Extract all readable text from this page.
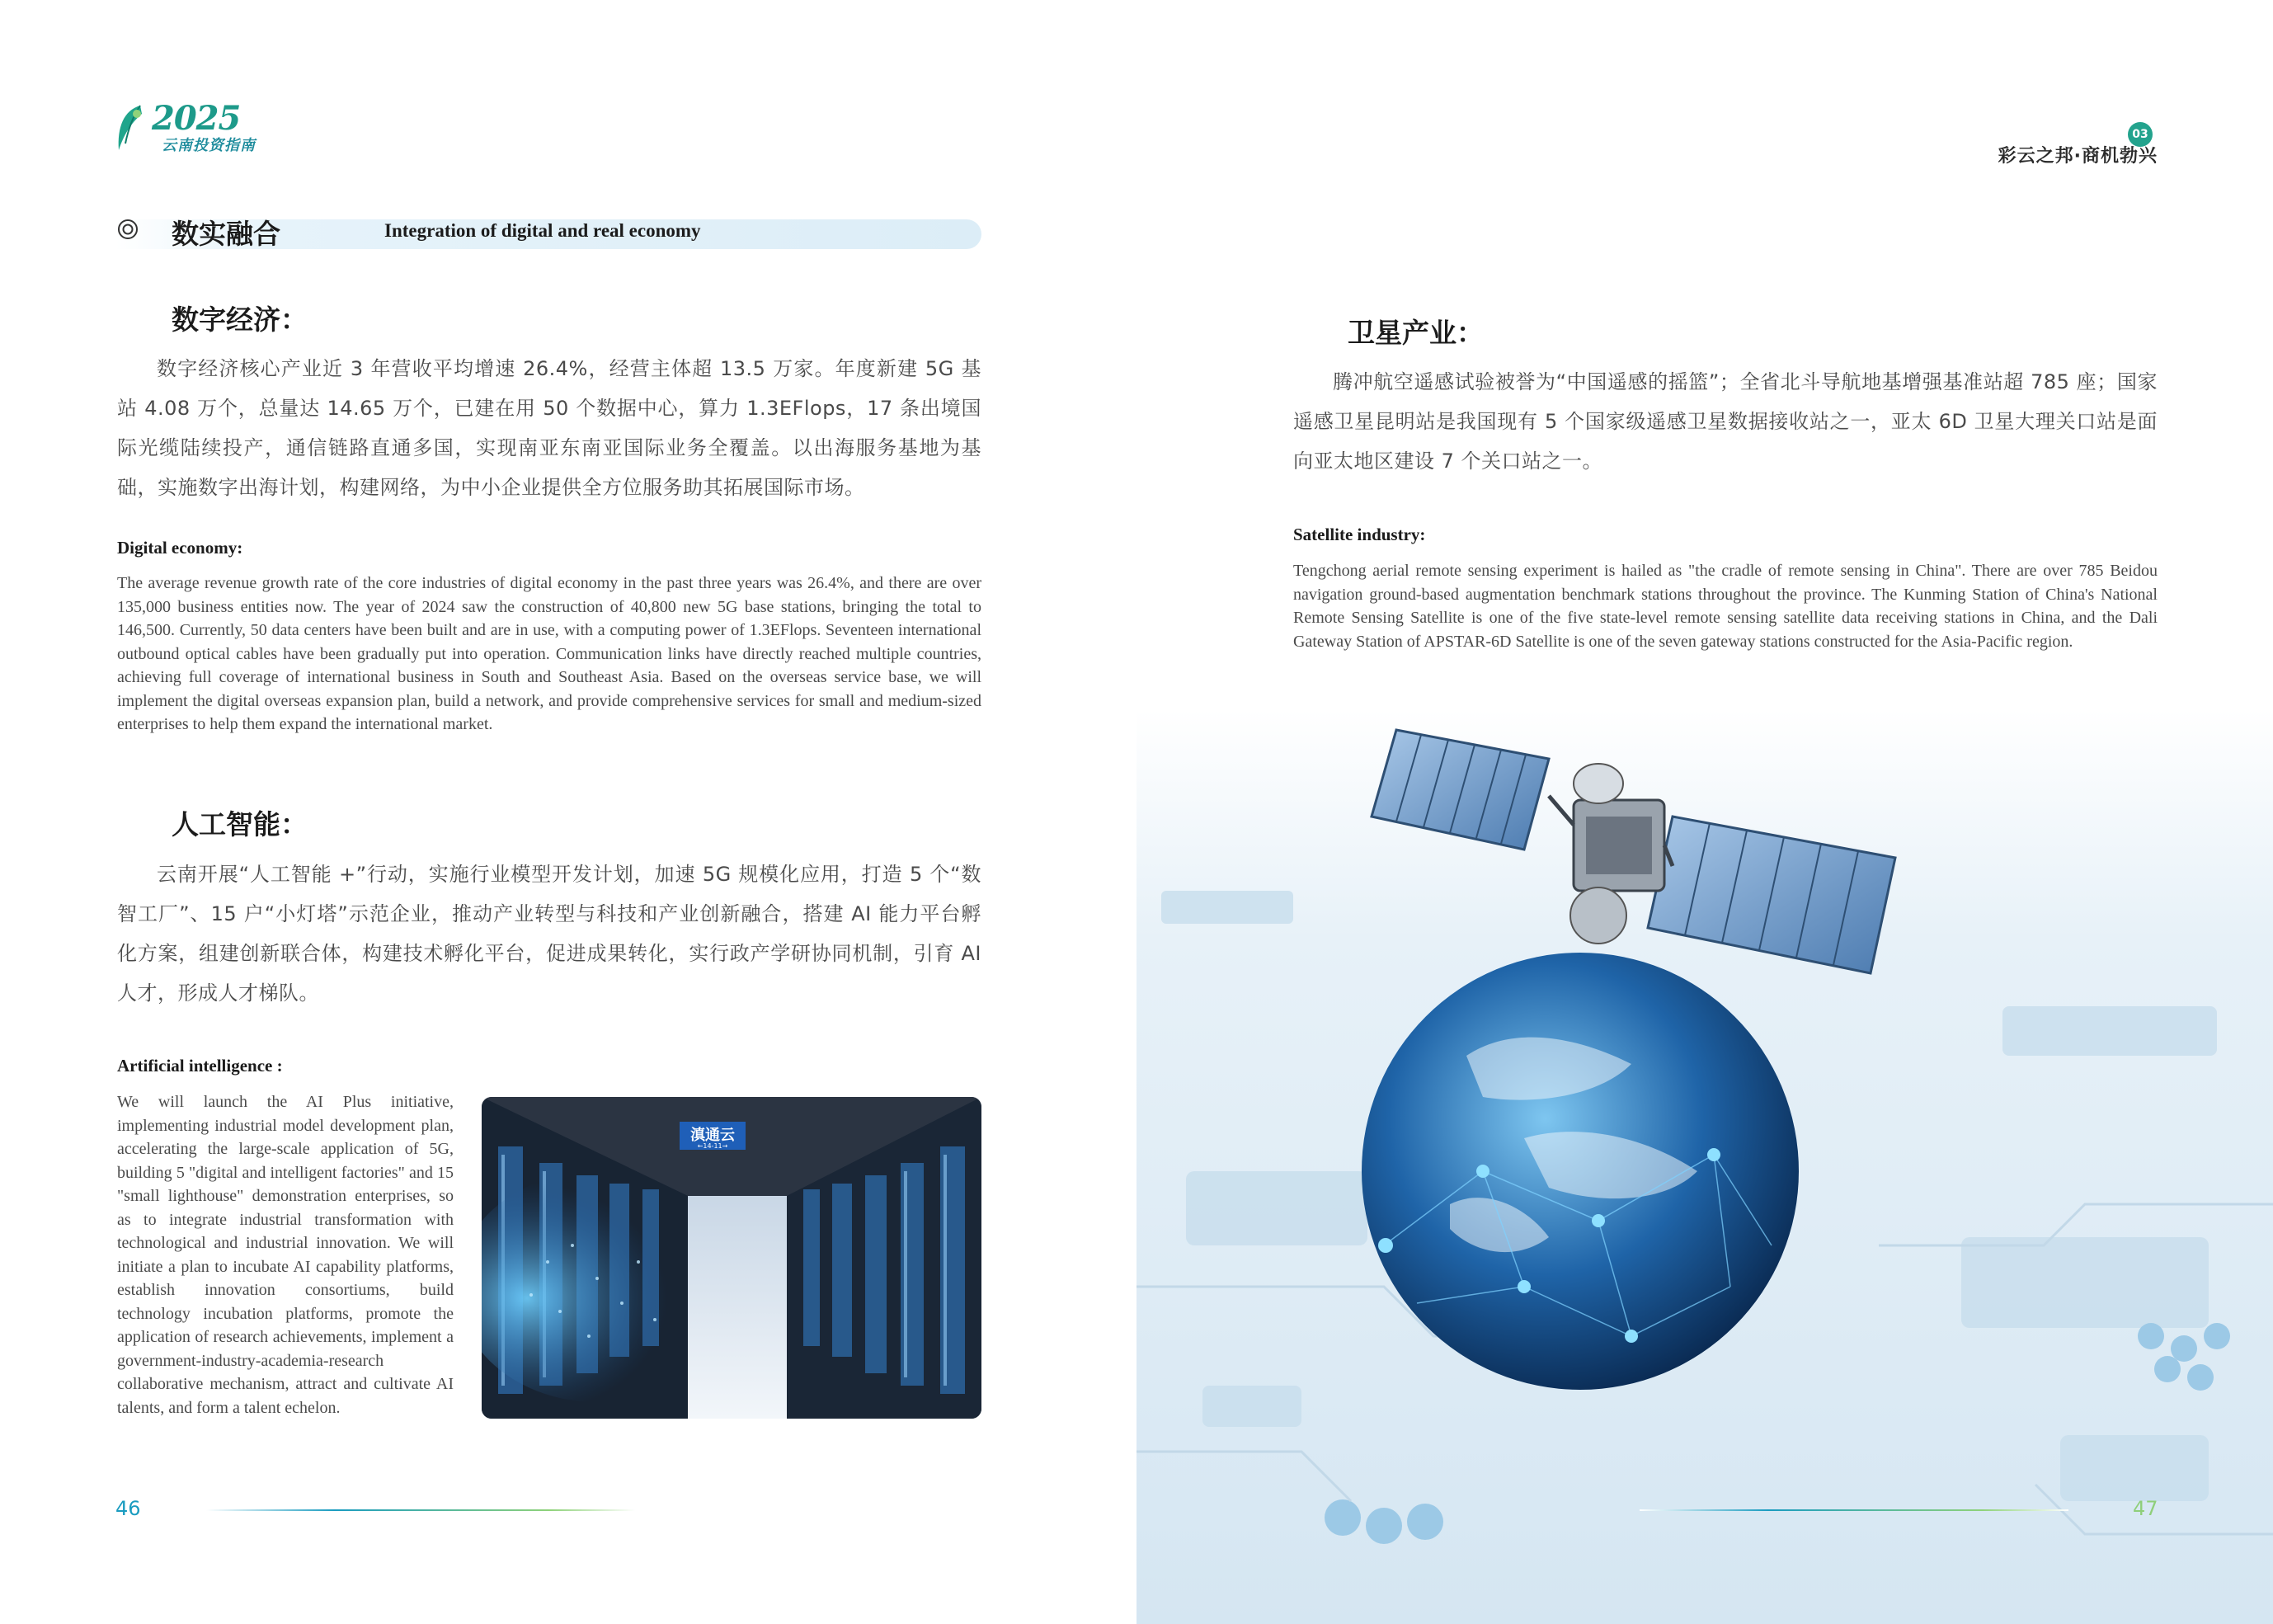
2025
云南投资指南
数实融合	Integration of digital and real economy
数字经济：
数字经济核心产业近 3 年营收平均增速 26.4%，经营主体超 13.5 万家。年度新建 5G 基站 4.08 万个，总量达 14.65 万个，已建在用 50 个数据中心，算力 1.3EFlops，17 条出境国际光缆陆续投产，通信链路直通多国，实现南亚东南亚国际业务全覆盖。以出海服务基地为基础，实施数字出海计划，构建网络，为中小企业提供全方位服务助其拓展国际市场。
Digital economy:
The average revenue growth rate of the core industries of digital economy in the past three years was 26.4%, and there are over 135,000 business entities now. The year of 2024 saw the construction of 40,800 new 5G base stations, bringing the total to 146,500. Currently, 50 data centers have been built and are in use, with a computing power of 1.3EFlops. Seventeen international outbound optical cables have been gradually put into operation. Communication links have directly reached multiple countries, achieving full coverage of international business in South and Southeast Asia. Based on the overseas service base, we will implement the digital overseas expansion plan, build a network, and provide comprehensive services for small and medium-sized enterprises to help them expand the international market.
人工智能：
云南开展“人工智能 +”行动，实施行业模型开发计划，加速 5G 规模化应用，打造 5 个“数智工厂”、15 户“小灯塔”示范企业，推动产业转型与科技和产业创新融合，搭建 AI 能力平台孵化方案，组建创新联合体，构建技术孵化平台，促进成果转化，实行政产学研协同机制，引育 AI 人才，形成人才梯队。
Artificial intelligence :
We will launch the AI Plus initiative, implementing industrial model development plan, accelerating the large-scale application of 5G, building 5 "digital and intelligent factories" and 15 "small lighthouse" demonstration enterprises, so as to integrate industrial transformation with technological and industrial innovation. We will initiate a plan to incubate AI capability platforms, establish innovation consortiums, build technology incubation platforms, promote the application of research achievements, implement a government-industry-academia-research collaborative mechanism, attract and cultivate AI talents, and form a talent echelon.
滇通云
←14-11→
46
03
彩云之邦·商机勃兴
卫星产业：
腾冲航空遥感试验被誉为“中国遥感的摇篮”；全省北斗导航地基增强基准站超 785 座；国家遥感卫星昆明站是我国现有 5 个国家级遥感卫星数据接收站之一，亚太 6D 卫星大理关口站是面向亚太地区建设 7 个关口站之一。
Satellite industry:
Tengchong aerial remote sensing experiment is hailed as "the cradle of remote sensing in China". There are over 785 Beidou navigation ground-based augmentation benchmark stations throughout the province. The Kunming Station of China's National Remote Sensing Satellite is one of the five state-level remote sensing satellite data receiving stations in China, and the Dali Gateway Station of APSTAR-6D Satellite is one of the seven gateway stations constructed for the Asia-Pacific region.
47
